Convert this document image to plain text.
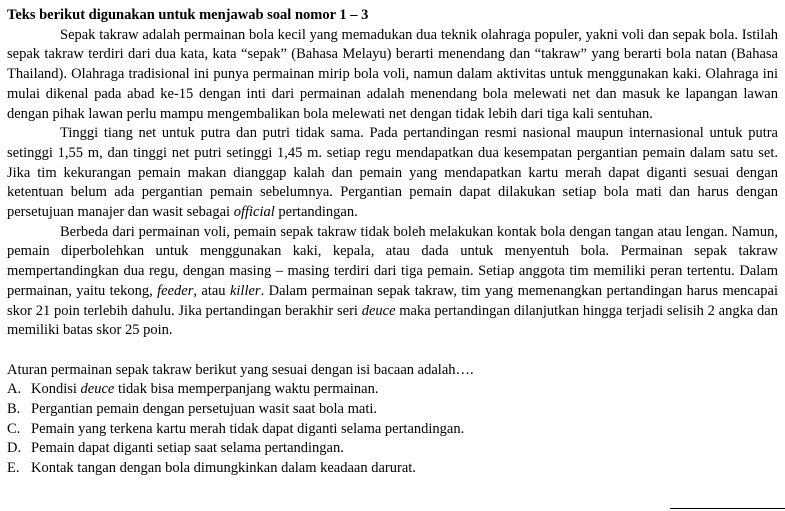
Teks berikut digunakan untuk menjawab soal nomor 1 – 3

Sepak takraw adalah permainan bola kecil yang memadukan dua teknik olahraga populer, yakni voli dan sepak bola. Istilah sepak takraw terdiri dari dua kata, kata “sepak” (Bahasa Melayu) berarti menendang dan “takraw” yang berarti bola natan (Bahasa Thailand). Olahraga tradisional ini punya permainan mirip bola voli, namun dalam aktivitas untuk menggunakan kaki. Olahraga ini mulai dikenal pada abad ke-15 dengan inti dari permainan adalah menendang bola melewati net dan masuk ke lapangan lawan dengan pihak lawan perlu mampu mengembalikan bola melewati net dengan tidak lebih dari tiga kali sentuhan.

Tinggi tiang net untuk putra dan putri tidak sama. Pada pertandingan resmi nasional maupun internasional untuk putra setinggi 1,55 m, dan tinggi net putri setinggi 1,45 m. setiap regu mendapatkan dua kesempatan pergantian pemain dalam satu set. Jika tim kekurangan pemain makan dianggap kalah dan pemain yang mendapatkan kartu merah dapat diganti sesuai dengan ketentuan belum ada pergantian pemain sebelumnya. Pergantian pemain dapat dilakukan setiap bola mati dan harus dengan persetujuan manajer dan wasit sebagai official pertandingan.

Berbeda dari permainan voli, pemain sepak takraw tidak boleh melakukan kontak bola dengan tangan atau lengan. Namun, pemain diperbolehkan untuk menggunakan kaki, kepala, atau dada untuk menyentuh bola. Permainan sepak takraw mempertandingkan dua regu, dengan masing – masing terdiri dari tiga pemain. Setiap anggota tim memiliki peran tertentu. Dalam permainan, yaitu tekong, feeder, atau killer. Dalam permainan sepak takraw, tim yang memenangkan pertandingan harus mencapai skor 21 poin terlebih dahulu. Jika pertandingan berakhir seri deuce maka pertandingan dilanjutkan hingga terjadi selisih 2 angka dan memiliki batas skor 25 poin.

Aturan permainan sepak takraw berikut yang sesuai dengan isi bacaan adalah….
A. Kondisi deuce tidak bisa memperpanjang waktu permainan.
B. Pergantian pemain dengan persetujuan wasit saat bola mati.
C. Pemain yang terkena kartu merah tidak dapat diganti selama pertandingan.
D. Pemain dapat diganti setiap saat selama pertandingan.
E. Kontak tangan dengan bola dimungkinkan dalam keadaan darurat.
